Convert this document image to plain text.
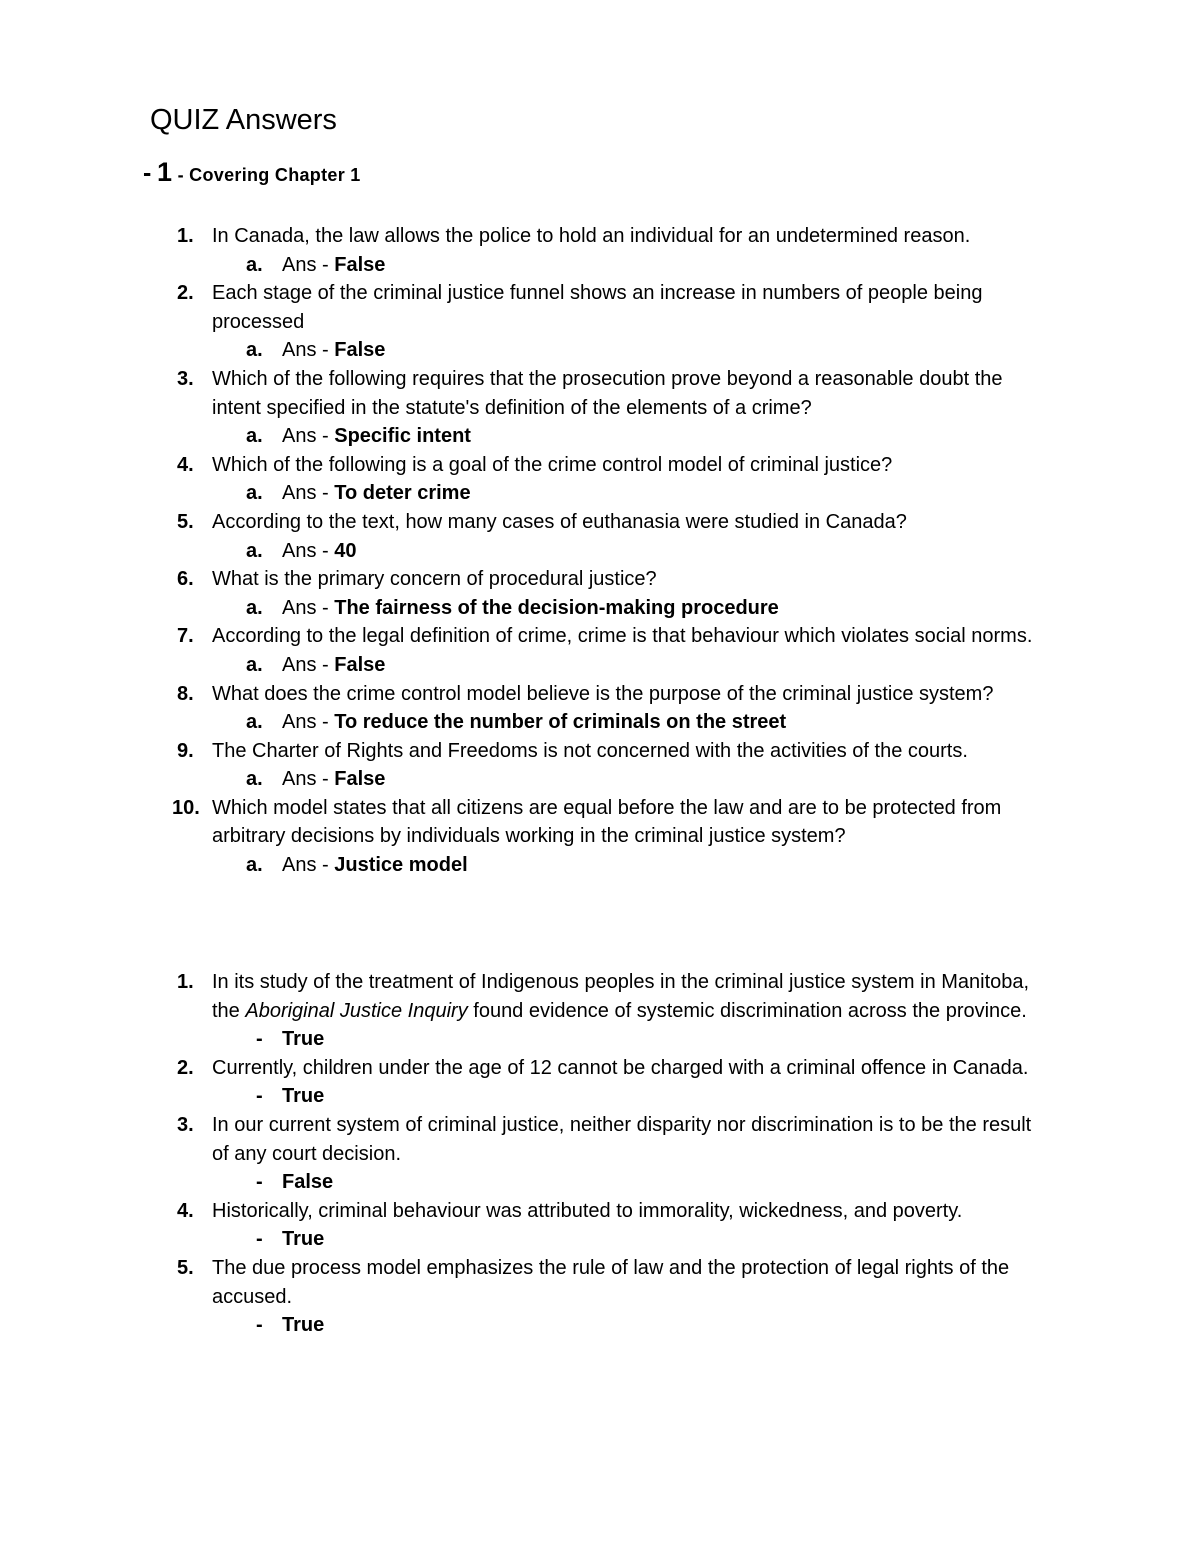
QUIZ Answers
- 1 - Covering Chapter 1
1. In Canada, the law allows the police to hold an individual for an undetermined reason.
a. Ans - False
2. Each stage of the criminal justice funnel shows an increase in numbers of people being processed
a. Ans - False
3. Which of the following requires that the prosecution prove beyond a reasonable doubt the intent specified in the statute's definition of the elements of a crime?
a. Ans - Specific intent
4. Which of the following is a goal of the crime control model of criminal justice?
a. Ans - To deter crime
5. According to the text, how many cases of euthanasia were studied in Canada?
a. Ans - 40
6. What is the primary concern of procedural justice?
a. Ans - The fairness of the decision-making procedure
7. According to the legal definition of crime, crime is that behaviour which violates social norms.
a. Ans - False
8. What does the crime control model believe is the purpose of the criminal justice system?
a. Ans - To reduce the number of criminals on the street
9. The Charter of Rights and Freedoms is not concerned with the activities of the courts.
a. Ans - False
10. Which model states that all citizens are equal before the law and are to be protected from arbitrary decisions by individuals working in the criminal justice system?
a. Ans - Justice model
1. In its study of the treatment of Indigenous peoples in the criminal justice system in Manitoba, the Aboriginal Justice Inquiry found evidence of systemic discrimination across the province.
- True
2. Currently, children under the age of 12 cannot be charged with a criminal offence in Canada.
- True
3. In our current system of criminal justice, neither disparity nor discrimination is to be the result of any court decision.
- False
4. Historically, criminal behaviour was attributed to immorality, wickedness, and poverty.
- True
5. The due process model emphasizes the rule of law and the protection of legal rights of the accused.
- True
